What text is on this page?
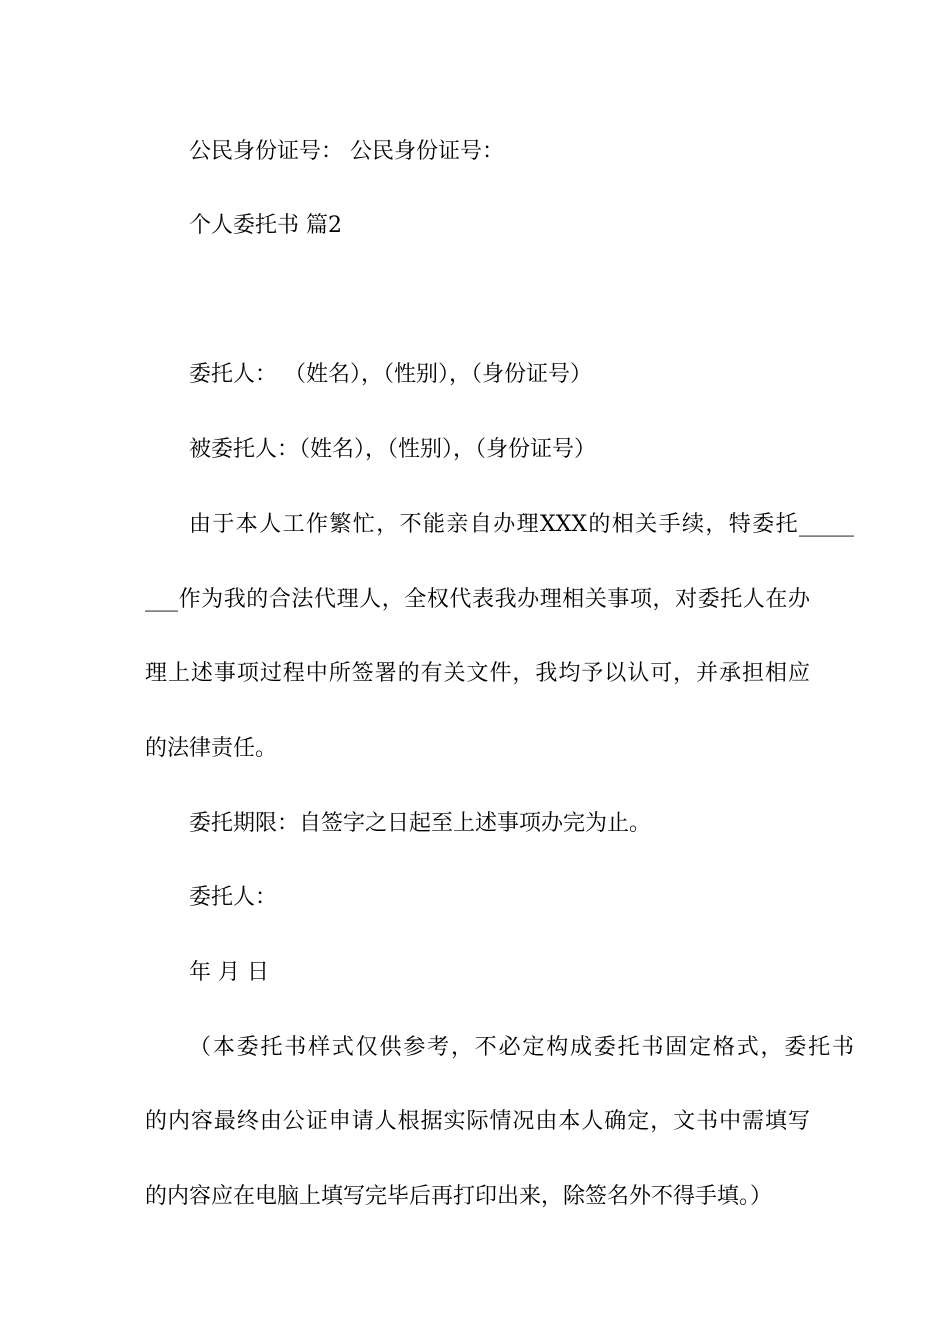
公民身份证号： 公民身份证号：

个人委托书 篇2

委托人： （姓名），（性别），（身份证号）

被委托人：（姓名），（性别），（身份证号）

由于本人工作繁忙，不能亲自办理XXX的相关手续，特委托_____

___作为我的合法代理人，全权代表我办理相关事项，对委托人在办

理上述事项过程中所签署的有关文件，我均予以认可，并承担相应

的法律责任。

委托期限：自签字之日起至上述事项办完为止。

委托人：

年 月 日

（本委托书样式仅供参考，不必定构成委托书固定格式，委托书

的内容最终由公证申请人根据实际情况由本人确定，文书中需填写

的内容应在电脑上填写完毕后再打印出来，除签名外不得手填。）
